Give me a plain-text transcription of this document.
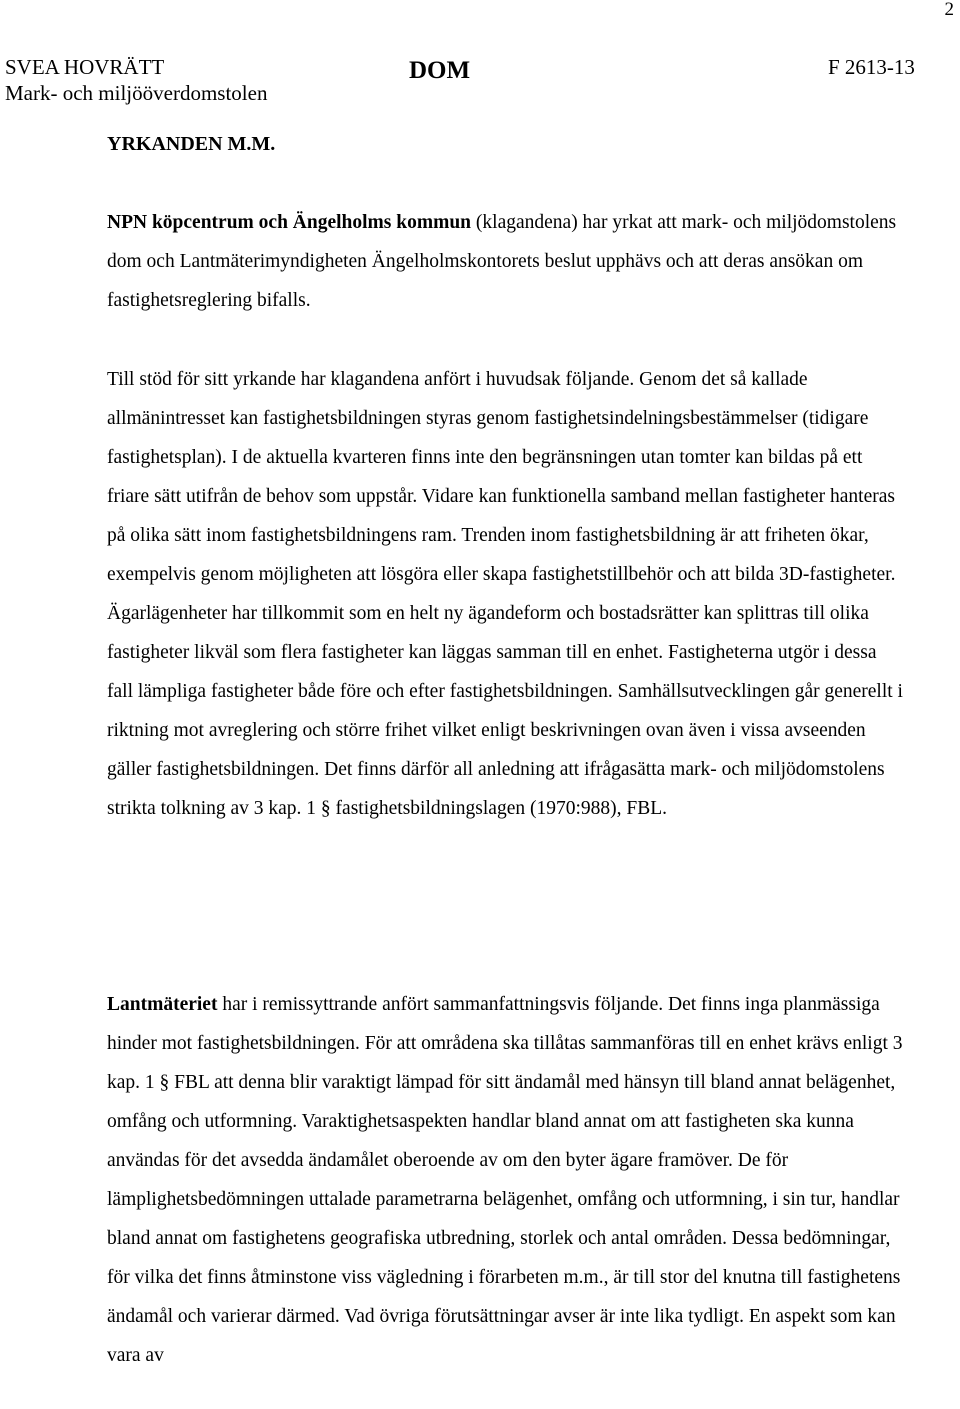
2
SVEA HOVRÄTT
Mark- och miljööverdomstolen
DOM	F 2613-13
YRKANDEN M.M.

NPN köpcentrum och Ängelholms kommun (klagandena) har yrkat att mark- och miljödomstolens dom och Lantmäterimyndigheten Ängelholmskontorets beslut upphävs och att deras ansökan om fastighetsreglering bifalls.

Till stöd för sitt yrkande har klagandena anfört i huvudsak följande. Genom det så kallade allmänintresset kan fastighetsbildningen styras genom fastighetsindelningsbestämmelser (tidigare fastighetsplan). I de aktuella kvarteren finns inte den begränsningen utan tomter kan bildas på ett friare sätt utifrån de behov som uppstår. Vidare kan funktionella samband mellan fastigheter hanteras på olika sätt inom fastighetsbildningens ram. Trenden inom fastighetsbildning är att friheten ökar, exempelvis genom möjligheten att lösgöra eller skapa fastighetstillbehör och att bilda 3D-fastigheter. Ägarlägenheter har tillkommit som en helt ny ägandeform och bostadsrätter kan splittras till olika fastigheter likväl som flera fastigheter kan läggas samman till en enhet. Fastigheterna utgör i dessa fall lämpliga fastigheter både före och efter fastighetsbildningen. Samhällsutvecklingen går generellt i riktning mot avreglering och större frihet vilket enligt beskrivningen ovan även i vissa avseenden gäller fastighetsbildningen. Det finns därför all anledning att ifrågasätta mark- och miljödomstolens strikta tolkning av 3 kap. 1 § fastighetsbildningslagen (1970:988), FBL.

Lantmäteriet har i remissyttrande anfört sammanfattningsvis följande. Det finns inga planmässiga hinder mot fastighetsbildningen. För att områdena ska tillåtas sammanföras till en enhet krävs enligt 3 kap. 1 § FBL att denna blir varaktigt lämpad för sitt ändamål med hänsyn till bland annat belägenhet, omfång och utformning. Varaktighetsaspekten handlar bland annat om att fastigheten ska kunna användas för det avsedda ändamålet oberoende av om den byter ägare framöver. De för lämplighetsbedömningen uttalade parametrarna belägenhet, omfång och utformning, i sin tur, handlar bland annat om fastighetens geografiska utbredning, storlek och antal områden. Dessa bedömningar, för vilka det finns åtminstone viss vägledning i förarbeten m.m., är till stor del knutna till fastighetens ändamål och varierar därmed. Vad övriga förutsättningar avser är inte lika tydligt. En aspekt som kan vara av
